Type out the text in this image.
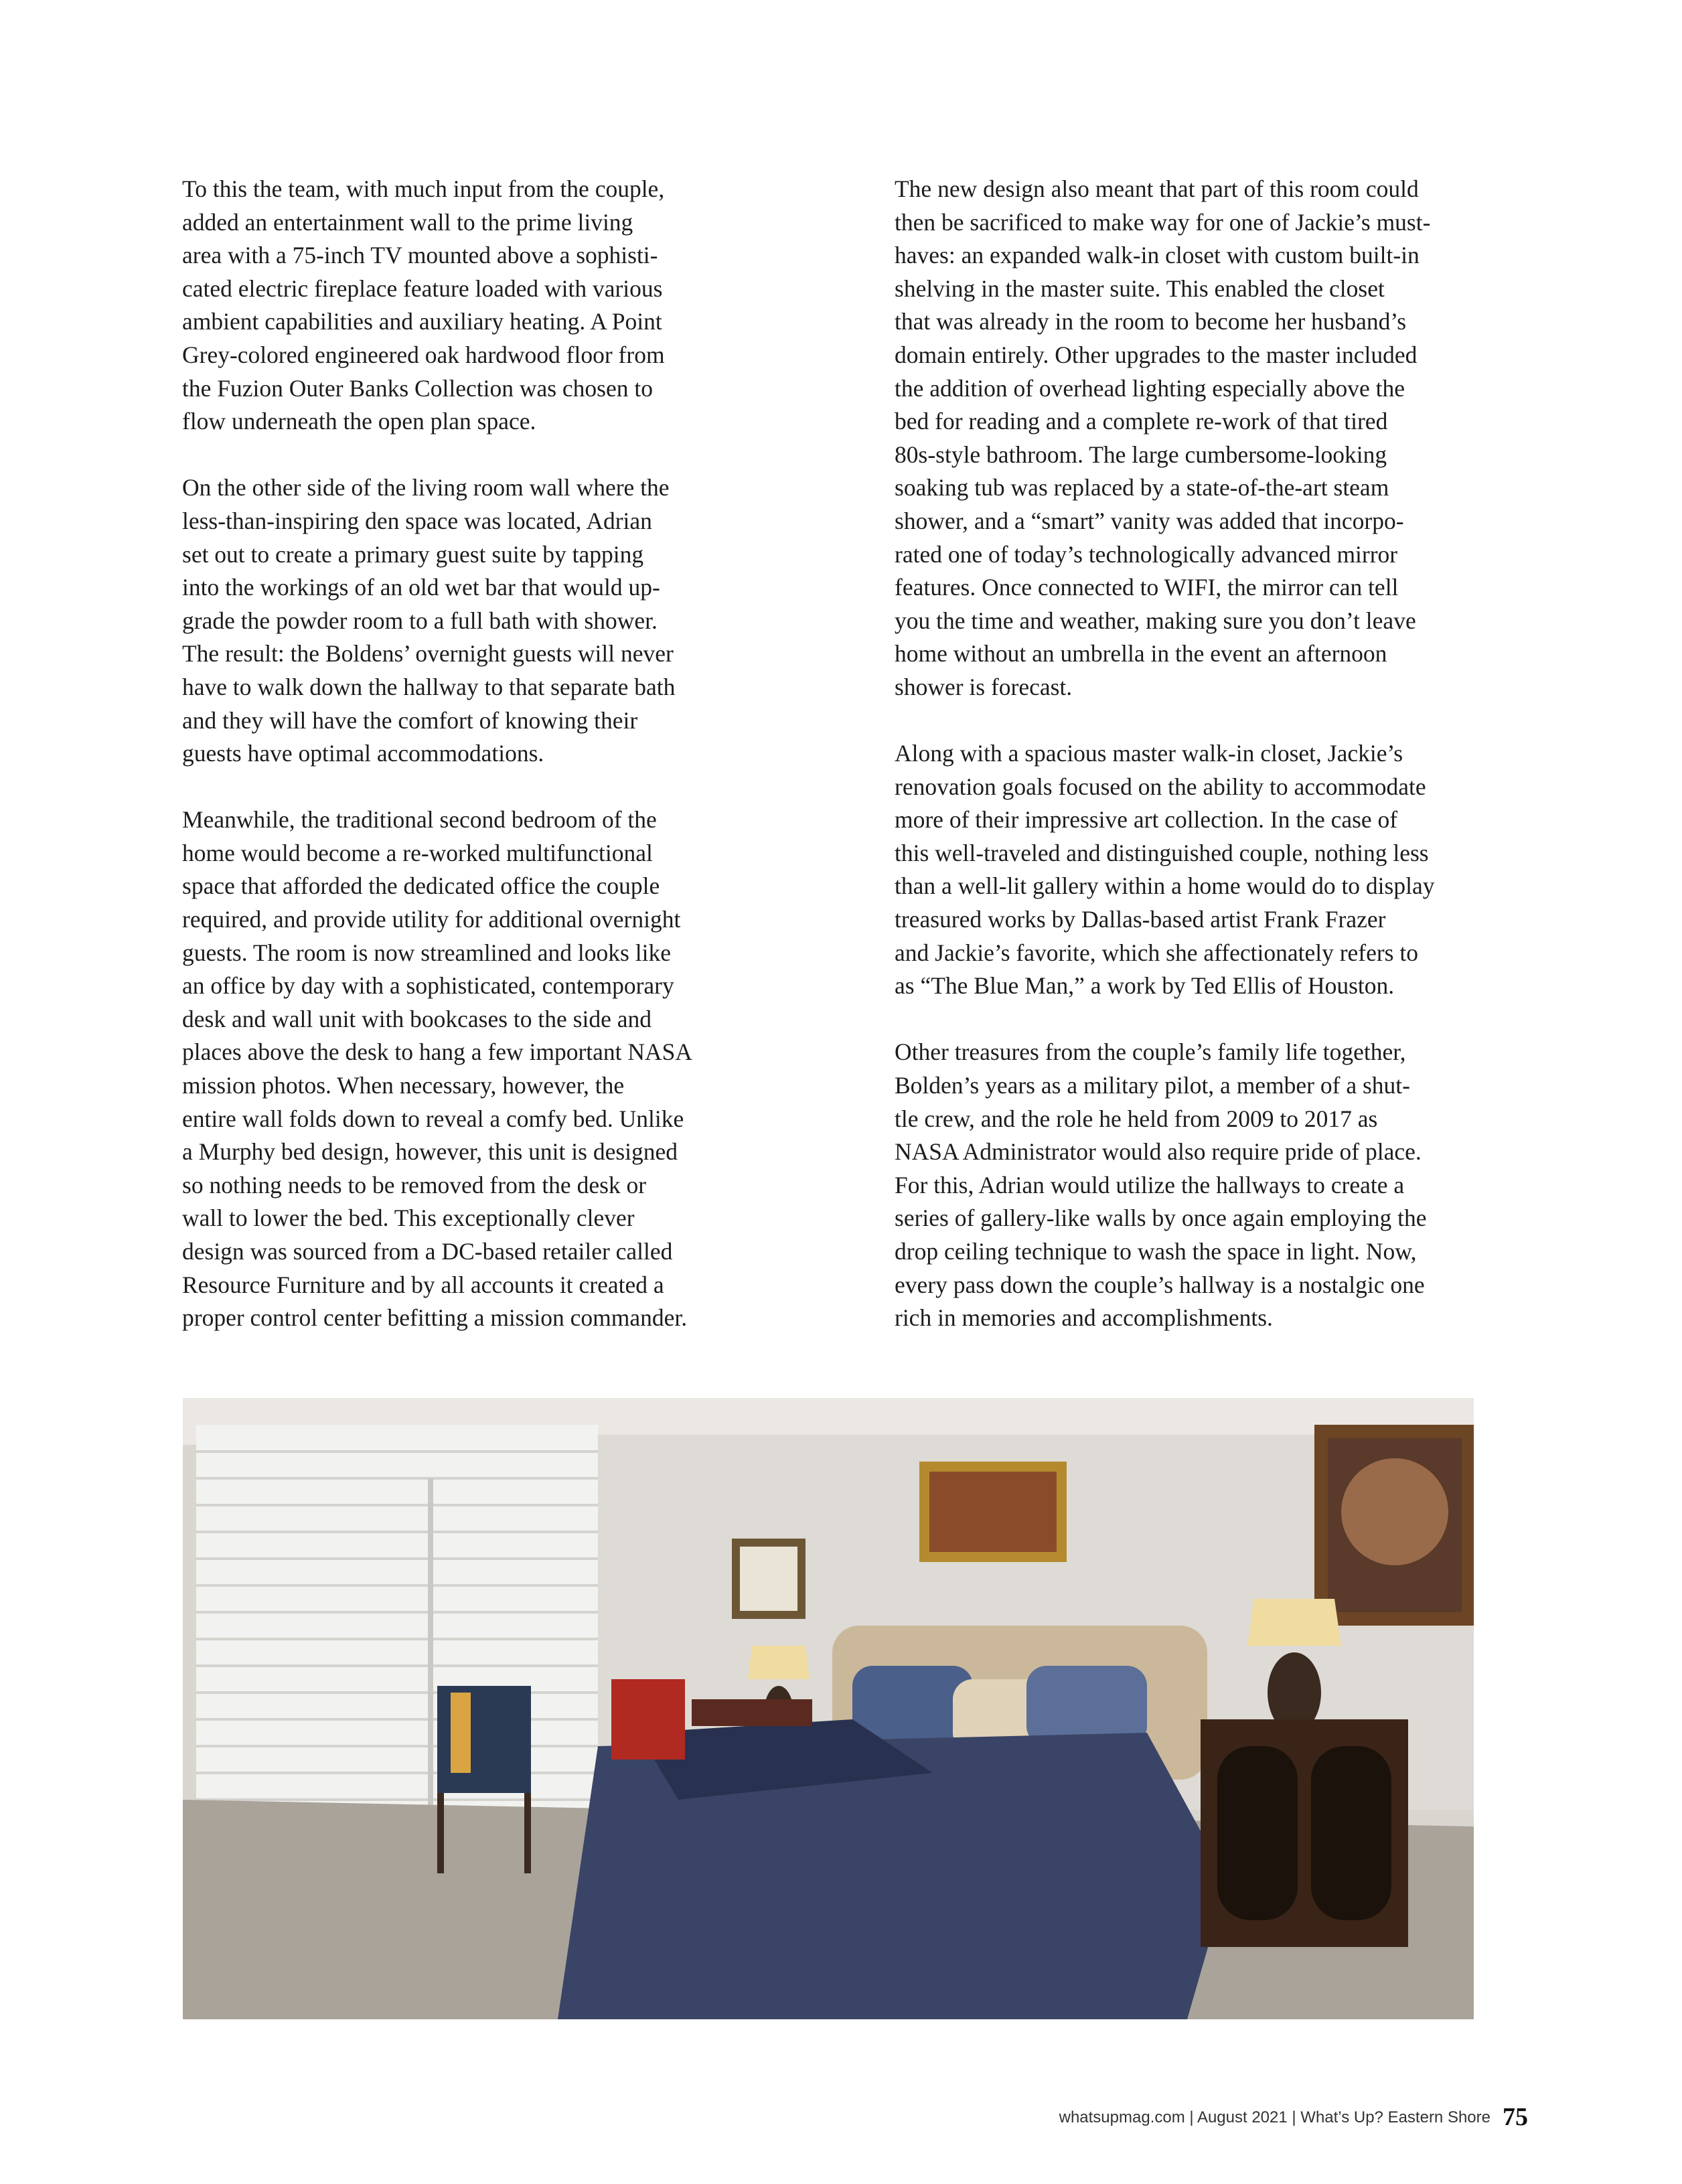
To this the team, with much input from the couple,
added an entertainment wall to the prime living
area with a 75-inch TV mounted above a sophisti-
cated electric fireplace feature loaded with various
ambient capabilities and auxiliary heating. A Point
Grey-colored engineered oak hardwood floor from
the Fuzion Outer Banks Collection was chosen to
flow underneath the open plan space.

On the other side of the living room wall where the
less-than-inspiring den space was located, Adrian
set out to create a primary guest suite by tapping
into the workings of an old wet bar that would up-
grade the powder room to a full bath with shower.
The result: the Boldens’ overnight guests will never
have to walk down the hallway to that separate bath
and they will have the comfort of knowing their
guests have optimal accommodations.

Meanwhile, the traditional second bedroom of the
home would become a re-worked multifunctional
space that afforded the dedicated office the couple
required, and provide utility for additional overnight
guests. The room is now streamlined and looks like
an office by day with a sophisticated, contemporary
desk and wall unit with bookcases to the side and
places above the desk to hang a few important NASA
mission photos. When necessary, however, the
entire wall folds down to reveal a comfy bed. Unlike
a Murphy bed design, however, this unit is designed
so nothing needs to be removed from the desk or
wall to lower the bed. This exceptionally clever
design was sourced from a DC-based retailer called
Resource Furniture and by all accounts it created a
proper control center befitting a mission commander.

The new design also meant that part of this room could
then be sacrificed to make way for one of Jackie’s must-
haves: an expanded walk-in closet with custom built-in
shelving in the master suite. This enabled the closet
that was already in the room to become her husband’s
domain entirely. Other upgrades to the master included
the addition of overhead lighting especially above the
bed for reading and a complete re-work of that tired
80s-style bathroom. The large cumbersome-looking
soaking tub was replaced by a state-of-the-art steam
shower, and a “smart” vanity was added that incorpo-
rated one of today’s technologically advanced mirror
features. Once connected to WIFI, the mirror can tell
you the time and weather, making sure you don’t leave
home without an umbrella in the event an afternoon
shower is forecast.

Along with a spacious master walk-in closet, Jackie’s
renovation goals focused on the ability to accommodate
more of their impressive art collection. In the case of
this well-traveled and distinguished couple, nothing less
than a well-lit gallery within a home would do to display
treasured works by Dallas-based artist Frank Frazer
and Jackie’s favorite, which she affectionately refers to
as “The Blue Man,” a work by Ted Ellis of Houston.

Other treasures from the couple’s family life together,
Bolden’s years as a military pilot, a member of a shut-
tle crew, and the role he held from 2009 to 2017 as
NASA Administrator would also require pride of place.
For this, Adrian would utilize the hallways to create a
series of gallery-like walls by once again employing the
drop ceiling technique to wash the space in light. Now,
every pass down the couple’s hallway is a nostalgic one
rich in memories and accomplishments.

whatsupmag.com | August 2021 | What’s Up? Eastern Shore 75
